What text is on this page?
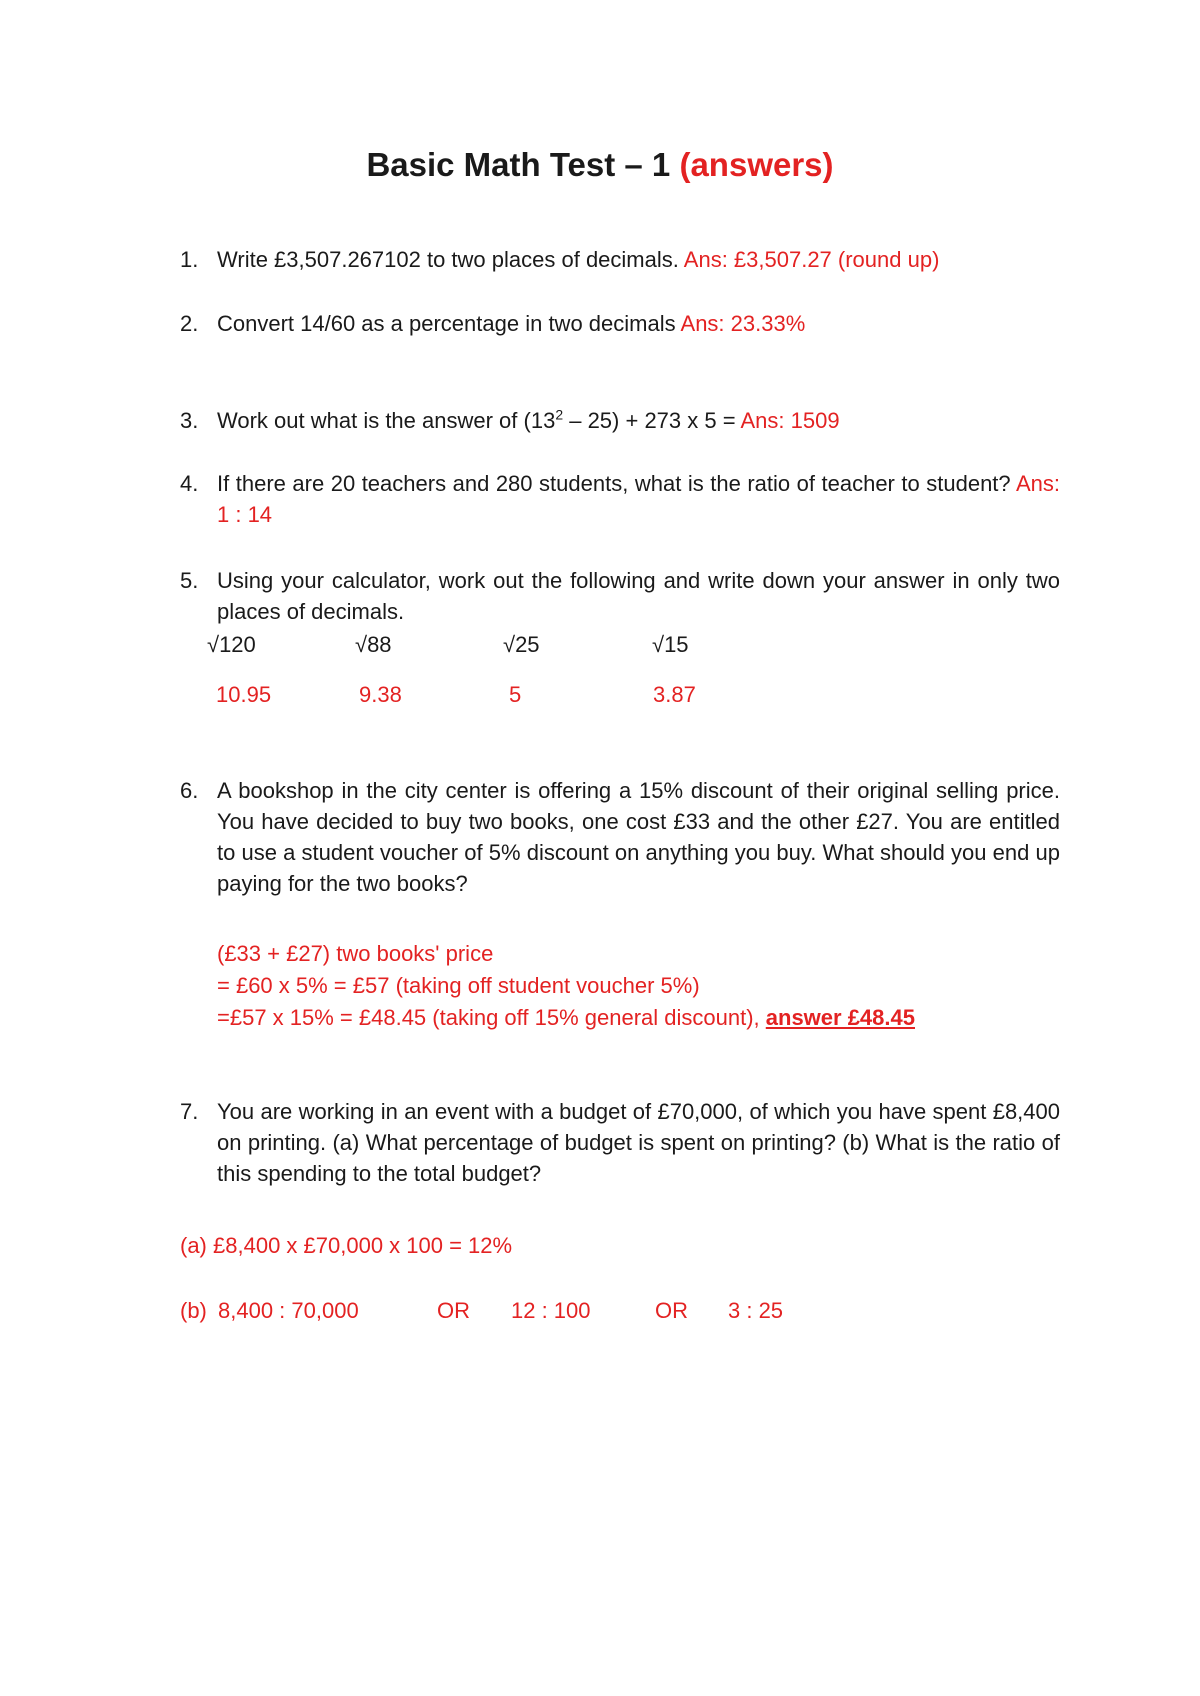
Basic Math Test – 1 (answers)
1. Write £3,507.267102 to two places of decimals. Ans: £3,507.27 (round up)
2. Convert 14/60 as a percentage in two decimals Ans: 23.33%
3. Work out what is the answer of $(13^2 - 25) + 273$ x 5 = Ans: 1509
4. If there are 20 teachers and 280 students, what is the ratio of teacher to student? Ans: 1 : 14
5. Using your calculator, work out the following and write down your answer in only two places of decimals.
√120	√88	√25	√15
10.95	9.38	5	3.87
6. A bookshop in the city center is offering a 15% discount of their original selling price. You have decided to buy two books, one cost £33 and the other £27. You are entitled to use a student voucher of 5% discount on anything you buy. What should you end up paying for the two books?
(£33 + £27) two books' price
= £60 x 5% = £57 (taking off student voucher 5%)
=£57 x 15% = £48.45 (taking off 15% general discount), answer £48.45
7. You are working in an event with a budget of £70,000, of which you have spent £8,400 on printing. (a) What percentage of budget is spent on printing? (b) What is the ratio of this spending to the total budget?
(a) £8,400 x £70,000 x 100 = 12%
(b) 8,400 : 70,000	OR 12 : 100	OR 3 : 25
